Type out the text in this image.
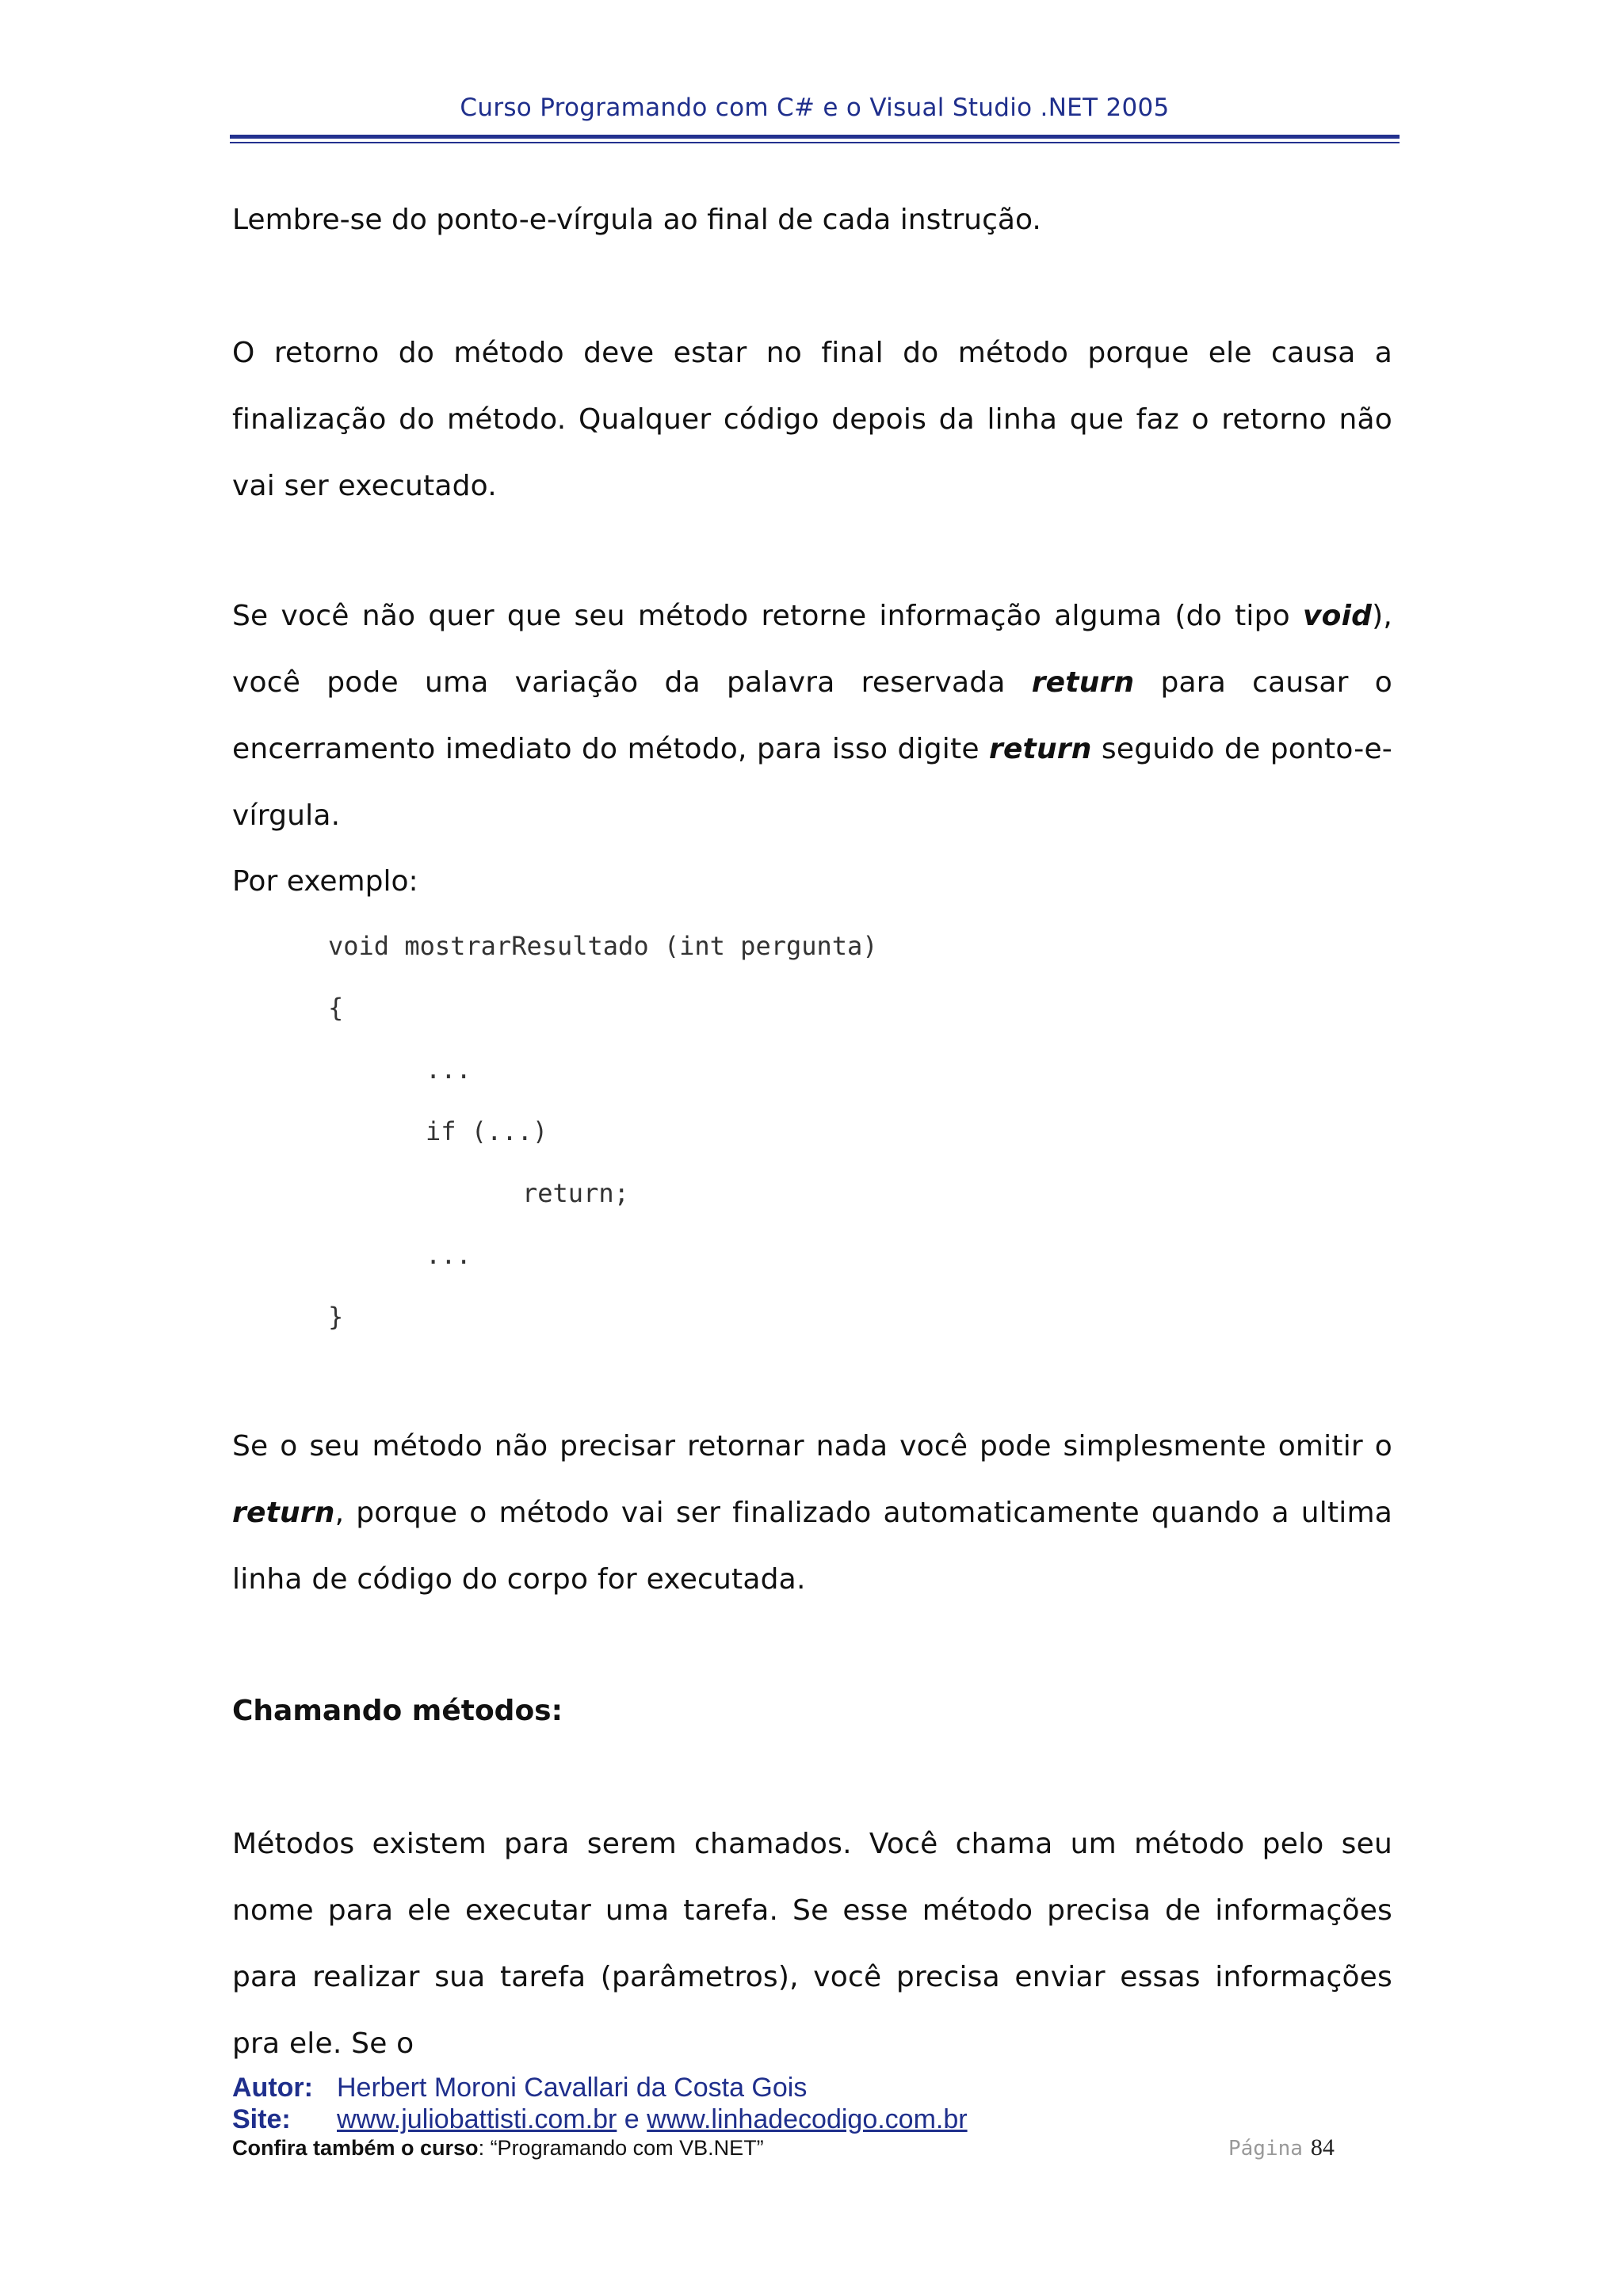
Curso Programando com C# e o Visual Studio .NET 2005
Lembre-se do ponto-e-vírgula ao final de cada instrução.
O retorno do método deve estar no final do método porque ele causa a finalização do método. Qualquer código depois da linha que faz o retorno não vai ser executado.
Se você não quer que seu método retorne informação alguma (do tipo void), você pode uma variação da palavra reservada return para causar o encerramento imediato do método, para isso digite return seguido de ponto-e-vírgula.
Por exemplo:
void mostrarResultado (int pergunta)
{
...
if (...)
return;
...
}
Se o seu método não precisar retornar nada você pode simplesmente omitir o return, porque o método vai ser finalizado automaticamente quando a ultima linha de código do corpo for executada.
Chamando métodos:
Métodos existem para serem chamados. Você chama um método pelo seu nome para ele executar uma tarefa. Se esse método precisa de informações para realizar sua tarefa (parâmetros), você precisa enviar essas informações pra ele. Se o
Autor: Herbert Moroni Cavallari da Costa Gois
Site: www.juliobattisti.com.br e www.linhadecodigo.com.br
Confira também o curso: “Programando com VB.NET”	Página 84
